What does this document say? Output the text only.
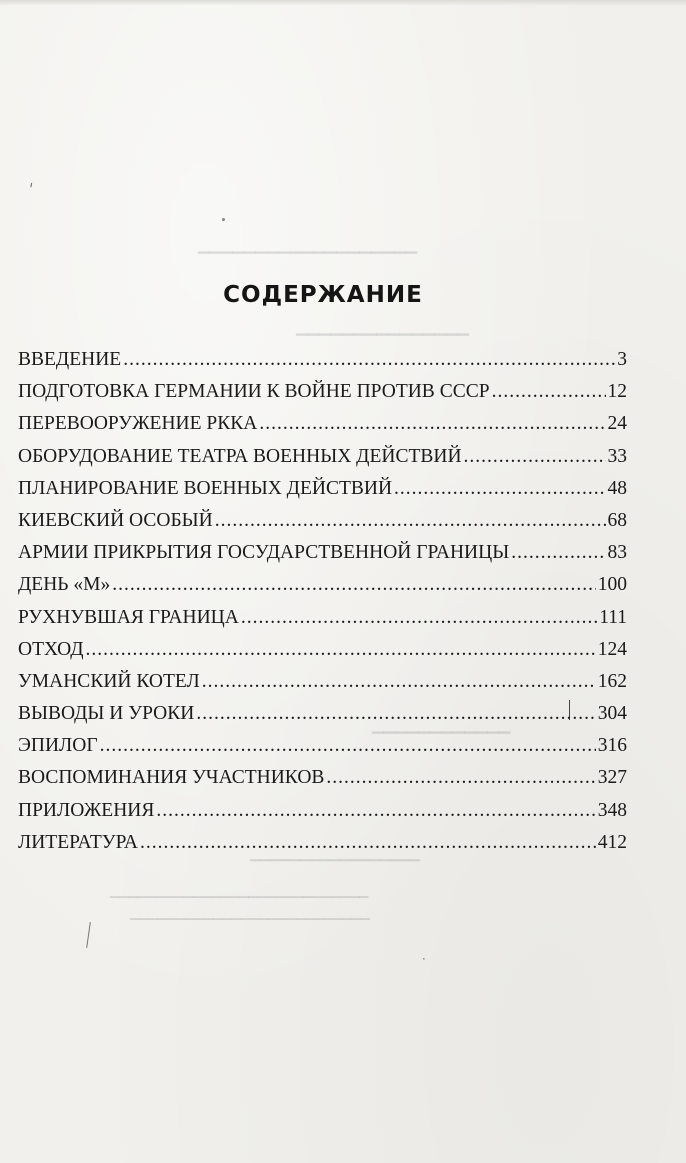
▁▁▁▁▁▁▁▁▁▁▁▁▁▁▁▁▁▁▁
▁▁▁▁▁▁▁▁▁▁▁▁▁▁▁
▁▁▁▁▁▁▁▁▁▁▁▁
▁▁▁▁▁▁▁▁▁▁▁▁▁▁▁▁▁
▁▁▁▁▁▁▁▁▁▁▁▁▁▁▁▁▁▁▁▁▁▁▁▁▁▁▁▁
▁▁▁▁▁▁▁▁▁▁▁▁▁▁▁▁▁▁▁▁▁▁▁▁▁▁
ˌ
·
СОДЕРЖАНИЕ
ВВЕДЕНИЕ .....	3
ПОДГОТОВКА ГЕРМАНИИ К ВОЙНЕ ПРОТИВ СССР .....	12
ПЕРЕВООРУЖЕНИЕ РККА .....	24
ОБОРУДОВАНИЕ ТЕАТРА ВОЕННЫХ ДЕЙСТВИЙ .....	33
ПЛАНИРОВАНИЕ ВОЕННЫХ ДЕЙСТВИЙ .....	48
КИЕВСКИЙ ОСОБЫЙ .....	68
АРМИИ ПРИКРЫТИЯ ГОСУДАРСТВЕННОЙ ГРАНИЦЫ .....	83
ДЕНЬ «М» .....	100
РУХНУВШАЯ ГРАНИЦА .....	111
ОТХОД .....	124
УМАНСКИЙ КОТЕЛ .....	162
ВЫВОДЫ И УРОКИ .....	304
ЭПИЛОГ .....	316
ВОСПОМИНАНИЯ УЧАСТНИКОВ .....	327
ПРИЛОЖЕНИЯ .....	348
ЛИТЕРАТУРА .....	412
